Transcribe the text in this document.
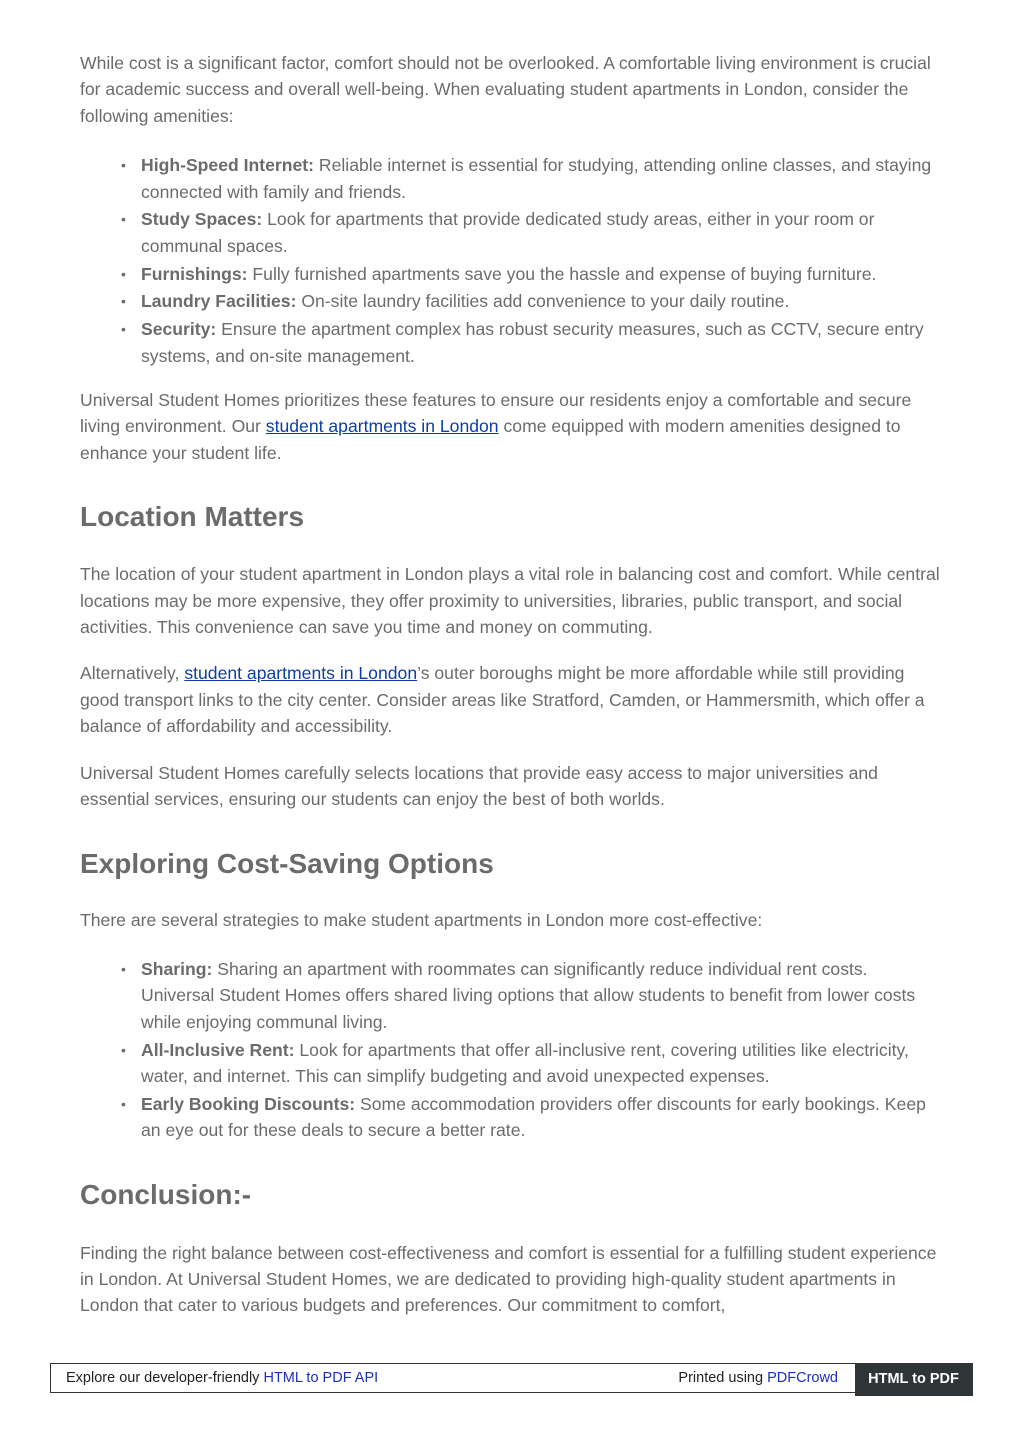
While cost is a significant factor, comfort should not be overlooked. A comfortable living environment is crucial for academic success and overall well-being. When evaluating student apartments in London, consider the following amenities:

• High-Speed Internet: Reliable internet is essential for studying, attending online classes, and staying connected with family and friends.
• Study Spaces: Look for apartments that provide dedicated study areas, either in your room or communal spaces.
• Furnishings: Fully furnished apartments save you the hassle and expense of buying furniture.
• Laundry Facilities: On-site laundry facilities add convenience to your daily routine.
• Security: Ensure the apartment complex has robust security measures, such as CCTV, secure entry systems, and on-site management.

Universal Student Homes prioritizes these features to ensure our residents enjoy a comfortable and secure living environment. Our student apartments in London come equipped with modern amenities designed to enhance your student life.

Location Matters

The location of your student apartment in London plays a vital role in balancing cost and comfort. While central locations may be more expensive, they offer proximity to universities, libraries, public transport, and social activities. This convenience can save you time and money on commuting.

Alternatively, student apartments in London’s outer boroughs might be more affordable while still providing good transport links to the city center. Consider areas like Stratford, Camden, or Hammersmith, which offer a balance of affordability and accessibility.

Universal Student Homes carefully selects locations that provide easy access to major universities and essential services, ensuring our students can enjoy the best of both worlds.

Exploring Cost-Saving Options

There are several strategies to make student apartments in London more cost-effective:

• Sharing: Sharing an apartment with roommates can significantly reduce individual rent costs. Universal Student Homes offers shared living options that allow students to benefit from lower costs while enjoying communal living.
• All-Inclusive Rent: Look for apartments that offer all-inclusive rent, covering utilities like electricity, water, and internet. This can simplify budgeting and avoid unexpected expenses.
• Early Booking Discounts: Some accommodation providers offer discounts for early bookings. Keep an eye out for these deals to secure a better rate.
Conclusion:-

Finding the right balance between cost-effectiveness and comfort is essential for a fulfilling student experience in London. At Universal Student Homes, we are dedicated to providing high-quality student apartments in London that cater to various budgets and preferences. Our commitment to comfort,

Explore our developer-friendly HTML to PDF API	Printed using PDFCrowd	HTML to PDF
